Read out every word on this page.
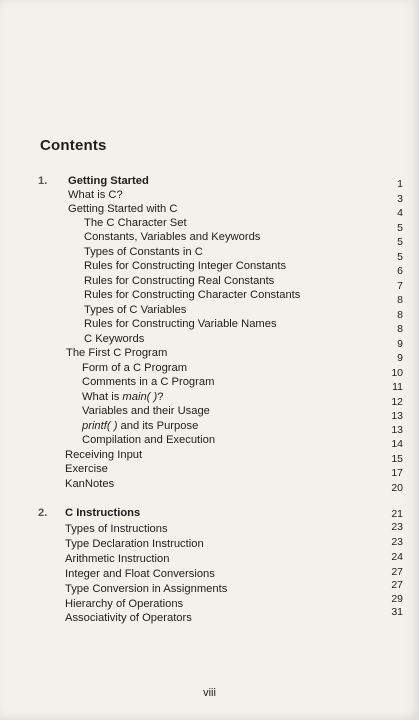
Contents
1. Getting Started	1
What is C?	3
Getting Started with C	4
The C Character Set	5
Constants, Variables and Keywords	5
Types of Constants in C	5
Rules for Constructing Integer Constants	6
Rules for Constructing Real Constants	7
Rules for Constructing Character Constants	8
Types of C Variables	8
Rules for Constructing Variable Names	8
C Keywords	9
The First C Program	9
Form of a C Program	10
Comments in a C Program	11
What is main( )?	12
Variables and their Usage	13
printf( ) and its Purpose	13
Compilation and Execution	14
Receiving Input	15
Exercise	17
KanNotes	20
2. C Instructions	21
Types of Instructions	23
Type Declaration Instruction	23
Arithmetic Instruction	24
Integer and Float Conversions	27
Type Conversion in Assignments	27
Hierarchy of Operations	29
Associativity of Operators	31
viii
